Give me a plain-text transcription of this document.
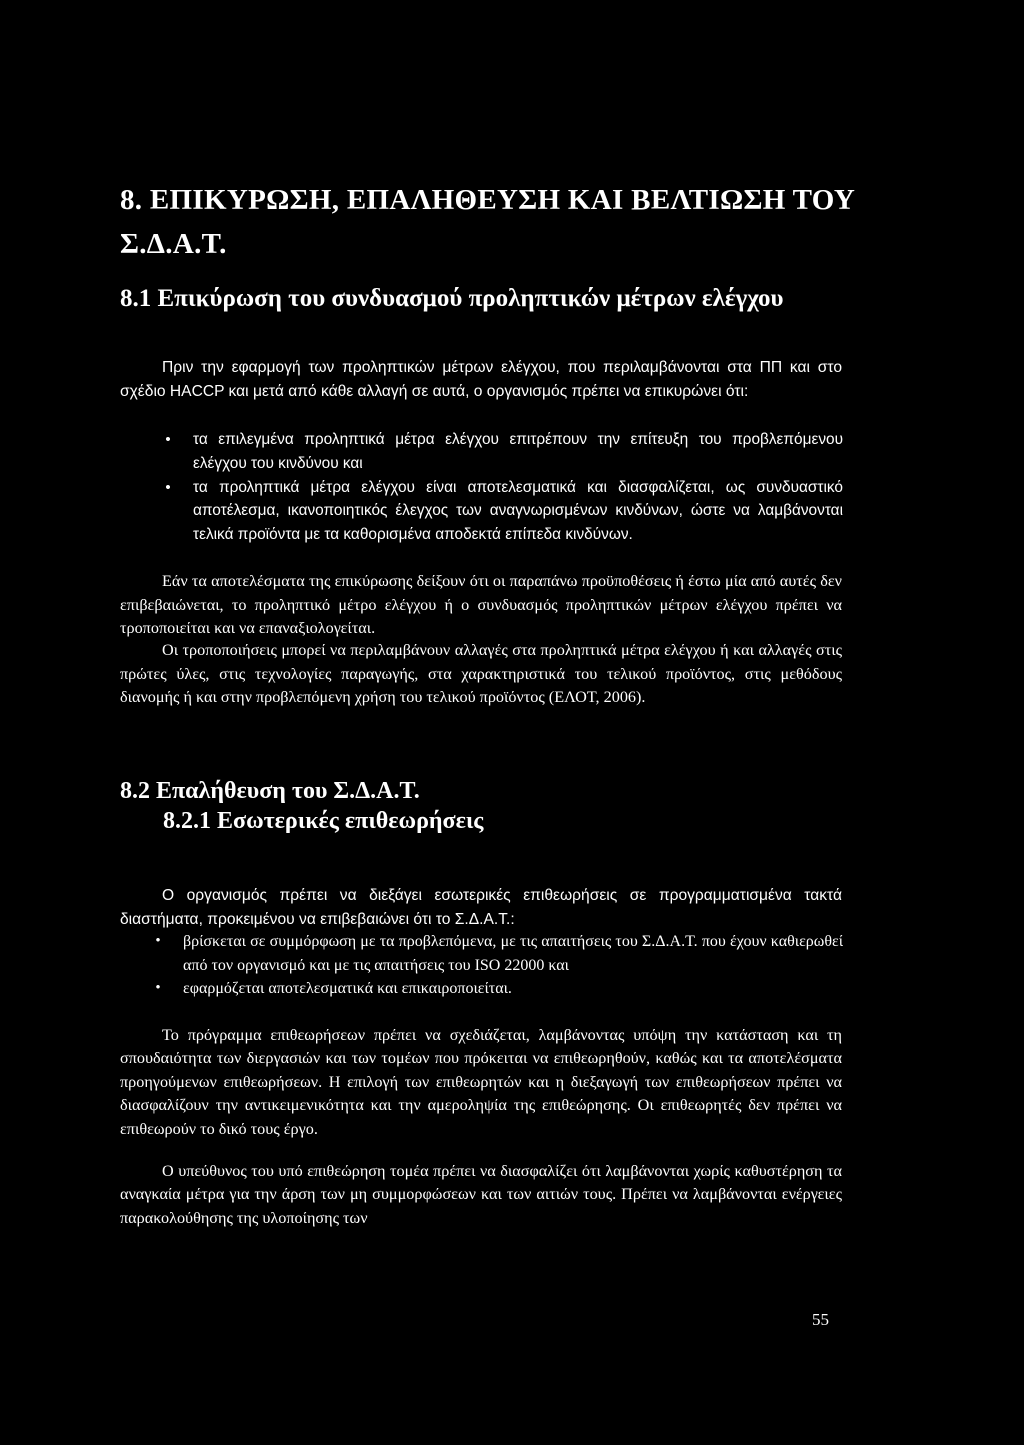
8. ΕΠΙΚΥΡΩΣΗ, ΕΠΑΛΗΘΕΥΣΗ ΚΑΙ ΒΕΛΤΙΩΣΗ ΤΟΥ Σ.Δ.Α.Τ.
8.1 Επικύρωση του συνδυασμού προληπτικών μέτρων ελέγχου

Πριν την εφαρμογή των προληπτικών μέτρων ελέγχου, που περιλαμβάνονται στα ΠΠ και στο σχέδιο HACCP και μετά από κάθε αλλαγή σε αυτά, ο οργανισμός πρέπει να επικυρώνει ότι:

• τα επιλεγμένα προληπτικά μέτρα ελέγχου επιτρέπουν την επίτευξη του προβλεπόμενου ελέγχου του κινδύνου και
• τα προληπτικά μέτρα ελέγχου είναι αποτελεσματικά και διασφαλίζεται, ως συνδυαστικό αποτέλεσμα, ικανοποιητικός έλεγχος των αναγνωρισμένων κινδύνων, ώστε να λαμβάνονται τελικά προϊόντα με τα καθορισμένα αποδεκτά επίπεδα κινδύνων.

Εάν τα αποτελέσματα της επικύρωσης δείξουν ότι οι παραπάνω προϋποθέσεις ή έστω μία από αυτές δεν επιβεβαιώνεται, το προληπτικό μέτρο ελέγχου ή ο συνδυασμός προληπτικών μέτρων ελέγχου πρέπει να τροποποιείται και να επαναξιολογείται.

Οι τροποποιήσεις μπορεί να περιλαμβάνουν αλλαγές στα προληπτικά μέτρα ελέγχου ή και αλλαγές στις πρώτες ύλες, στις τεχνολογίες παραγωγής, στα χαρακτηριστικά του τελικού προϊόντος, στις μεθόδους διανομής ή και στην προβλεπόμενη χρήση του τελικού προϊόντος (ΕΛΟΤ, 2006).

8.2 Επαλήθευση του Σ.Δ.Α.Τ.
8.2.1 Εσωτερικές επιθεωρήσεις

Ο οργανισμός πρέπει να διεξάγει εσωτερικές επιθεωρήσεις σε προγραμματισμένα τακτά διαστήματα, προκειμένου να επιβεβαιώνει ότι το Σ.Δ.Α.Τ.:

• βρίσκεται σε συμμόρφωση με τα προβλεπόμενα, με τις απαιτήσεις του Σ.Δ.Α.Τ. που έχουν καθιερωθεί από τον οργανισμό και με τις απαιτήσεις του ISO 22000 και
• εφαρμόζεται αποτελεσματικά και επικαιροποιείται.

Το πρόγραμμα επιθεωρήσεων πρέπει να σχεδιάζεται, λαμβάνοντας υπόψη την κατάσταση και τη σπουδαιότητα των διεργασιών και των τομέων που πρόκειται να επιθεωρηθούν, καθώς και τα αποτελέσματα προηγούμενων επιθεωρήσεων. Η επιλογή των επιθεωρητών και η διεξαγωγή των επιθεωρήσεων πρέπει να διασφαλίζουν την αντικειμενικότητα και την αμεροληψία της επιθεώρησης. Οι επιθεωρητές δεν πρέπει να επιθεωρούν το δικό τους έργο.

Ο υπεύθυνος του υπό επιθεώρηση τομέα πρέπει να διασφαλίζει ότι λαμβάνονται χωρίς καθυστέρηση τα αναγκαία μέτρα για την άρση των μη συμμορφώσεων και των αιτιών τους. Πρέπει να λαμβάνονται ενέργειες παρακολούθησης της υλοποίησης των

55
